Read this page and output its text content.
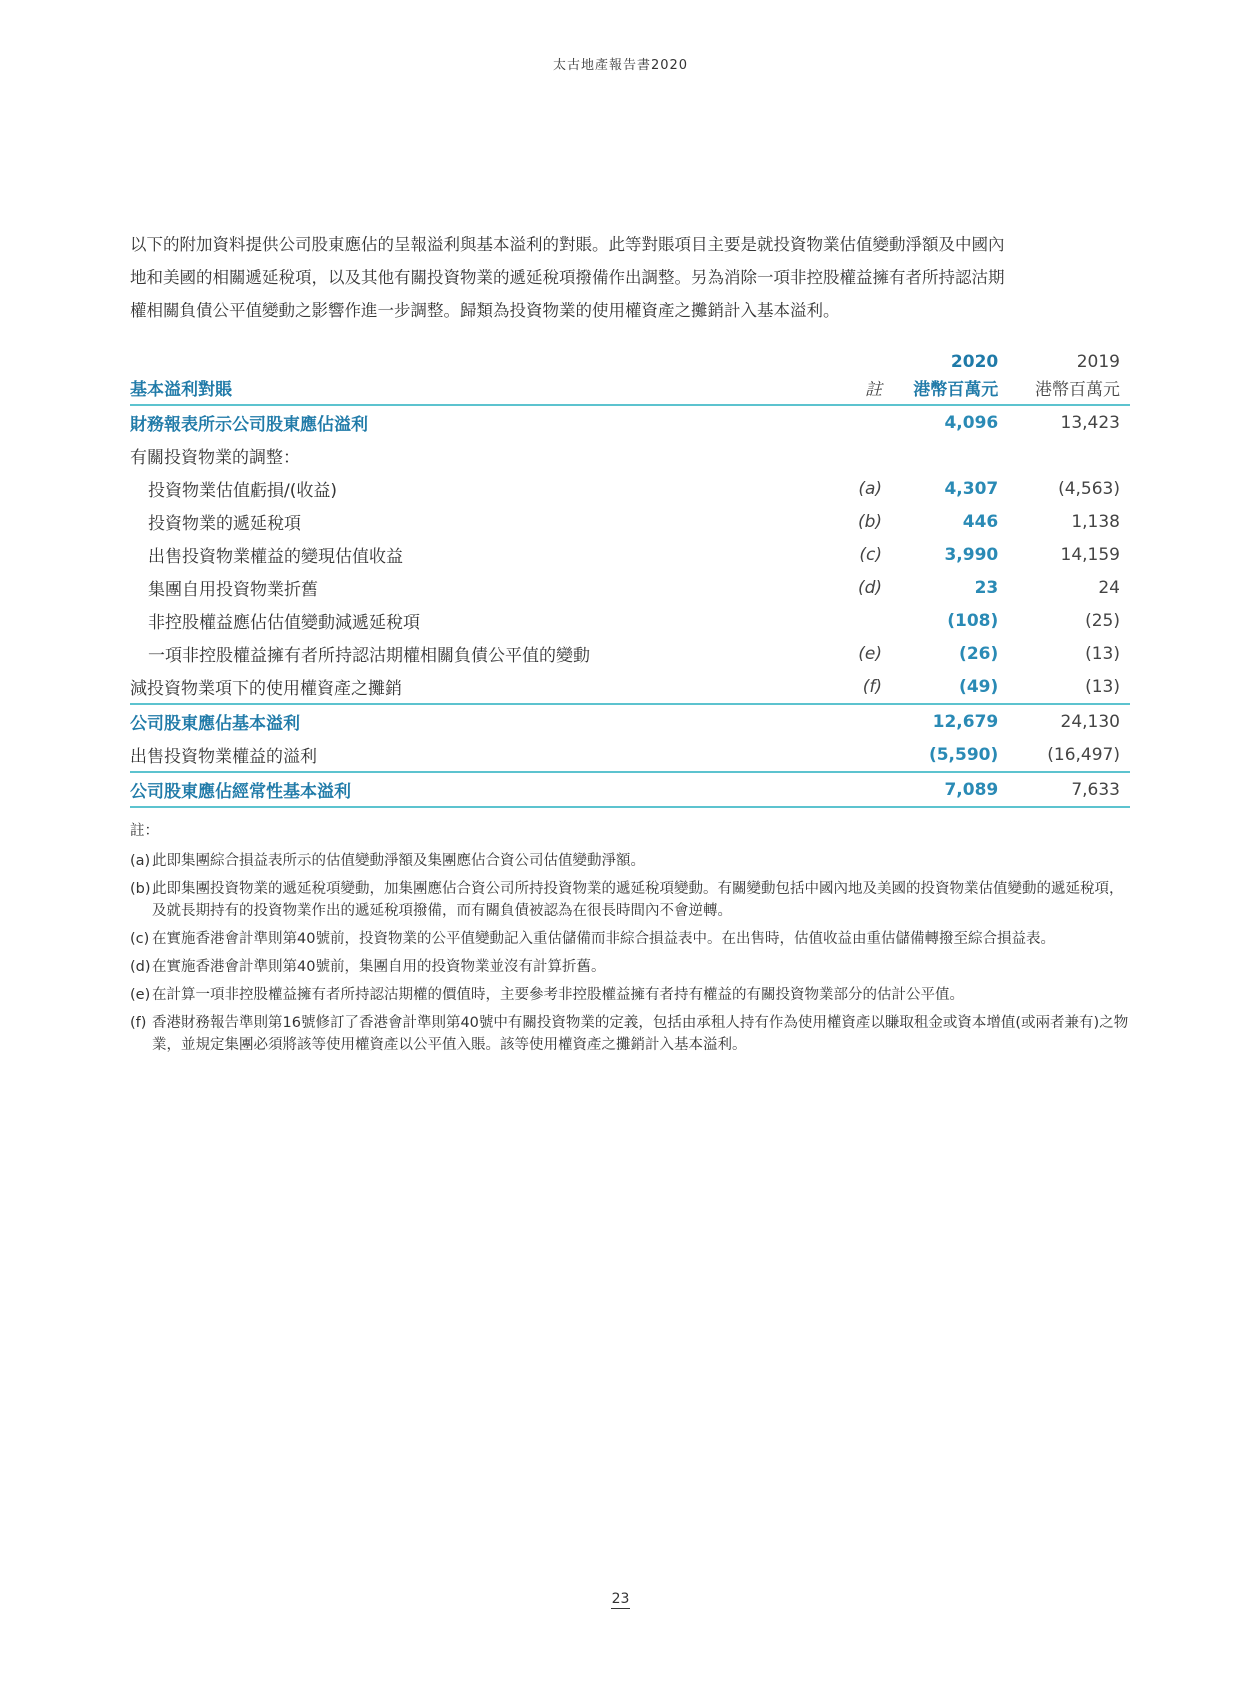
太古地產報告書2020

以下的附加資料提供公司股東應佔的呈報溢利與基本溢利的對賬。此等對賬項目主要是就投資物業估值變動淨額及中國內

地和美國的相關遞延稅項，以及其他有關投資物業的遞延稅項撥備作出調整。另為消除一項非控股權益擁有者所持認沽期

權相關負債公平值變動之影響作進一步調整。歸類為投資物業的使用權資產之攤銷計入基本溢利。

		2020	2019
基本溢利對賬	註	港幣百萬元	港幣百萬元
財務報表所示公司股東應佔溢利		4,096	13,423
有關投資物業的調整：			
投資物業估值虧損/(收益)	(a)	4,307	(4,563)
投資物業的遞延稅項	(b)	446	1,138
出售投資物業權益的變現估值收益	(c)	3,990	14,159
集團自用投資物業折舊	(d)	23	24
非控股權益應佔估值變動減遞延稅項		(108)	(25)
一項非控股權益擁有者所持認沽期權相關負債公平值的變動	(e)	(26)	(13)
減投資物業項下的使用權資產之攤銷	(f)	(49)	(13)
公司股東應佔基本溢利		12,679	24,130
出售投資物業權益的溢利		(5,590)	(16,497)
公司股東應佔經常性基本溢利		7,089	7,633
註：
(a) 此即集團綜合損益表所示的估值變動淨額及集團應佔合資公司估值變動淨額。
(b) 此即集團投資物業的遞延稅項變動，加集團應佔合資公司所持投資物業的遞延稅項變動。有關變動包括中國內地及美國的投資物業估值變動的遞延稅項，及就長期持有的投資物業作出的遞延稅項撥備，而有關負債被認為在很長時間內不會逆轉。
(c) 在實施香港會計準則第40號前，投資物業的公平值變動記入重估儲備而非綜合損益表中。在出售時，估值收益由重估儲備轉撥至綜合損益表。
(d) 在實施香港會計準則第40號前，集團自用的投資物業並沒有計算折舊。
(e) 在計算一項非控股權益擁有者所持認沽期權的價值時，主要參考非控股權益擁有者持有權益的有關投資物業部分的估計公平值。
(f) 香港財務報告準則第16號修訂了香港會計準則第40號中有關投資物業的定義，包括由承租人持有作為使用權資產以賺取租金或資本增值(或兩者兼有)之物業，並規定集團必須將該等使用權資產以公平值入賬。該等使用權資產之攤銷計入基本溢利。
23
